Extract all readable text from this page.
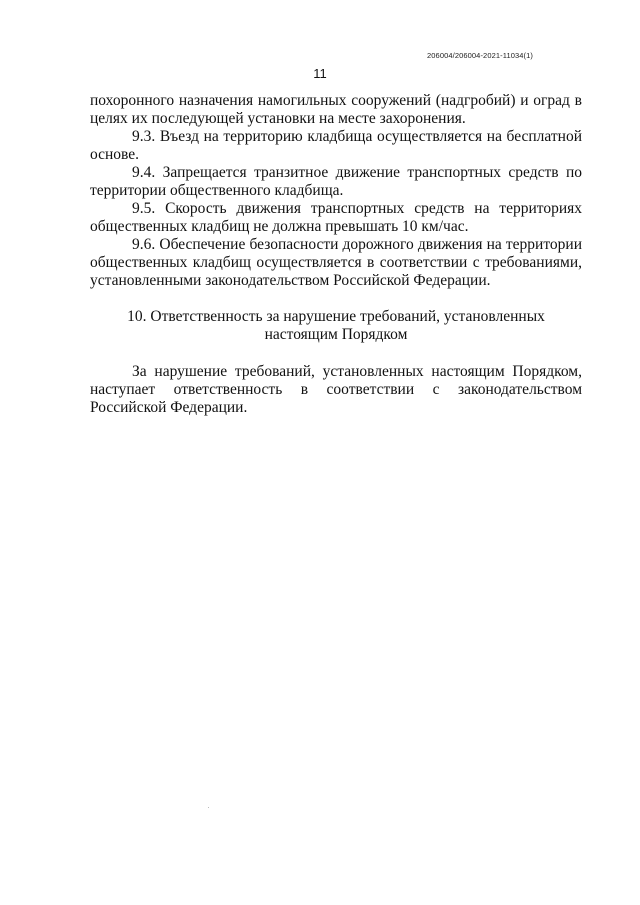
206004/206004-2021-11034(1)
11

похоронного назначения намогильных сооружений (надгробий) и оград в целях их последующей установки на месте захоронения.

9.3. Въезд на территорию кладбища осуществляется на бесплатной основе.

9.4. Запрещается транзитное движение транспортных средств по территории общественного кладбища.

9.5. Скорость движения транспортных средств на территориях общественных кладбищ не должна превышать 10 км/час.

9.6. Обеспечение безопасности дорожного движения на территории общественных кладбищ осуществляется в соответствии с требованиями, установленными законодательством Российской Федерации.

10. Ответственность за нарушение требований, установленных настоящим Порядком

За нарушение требований, установленных настоящим Порядком, наступает ответственность в соответствии с законодательством Российской Федерации.
